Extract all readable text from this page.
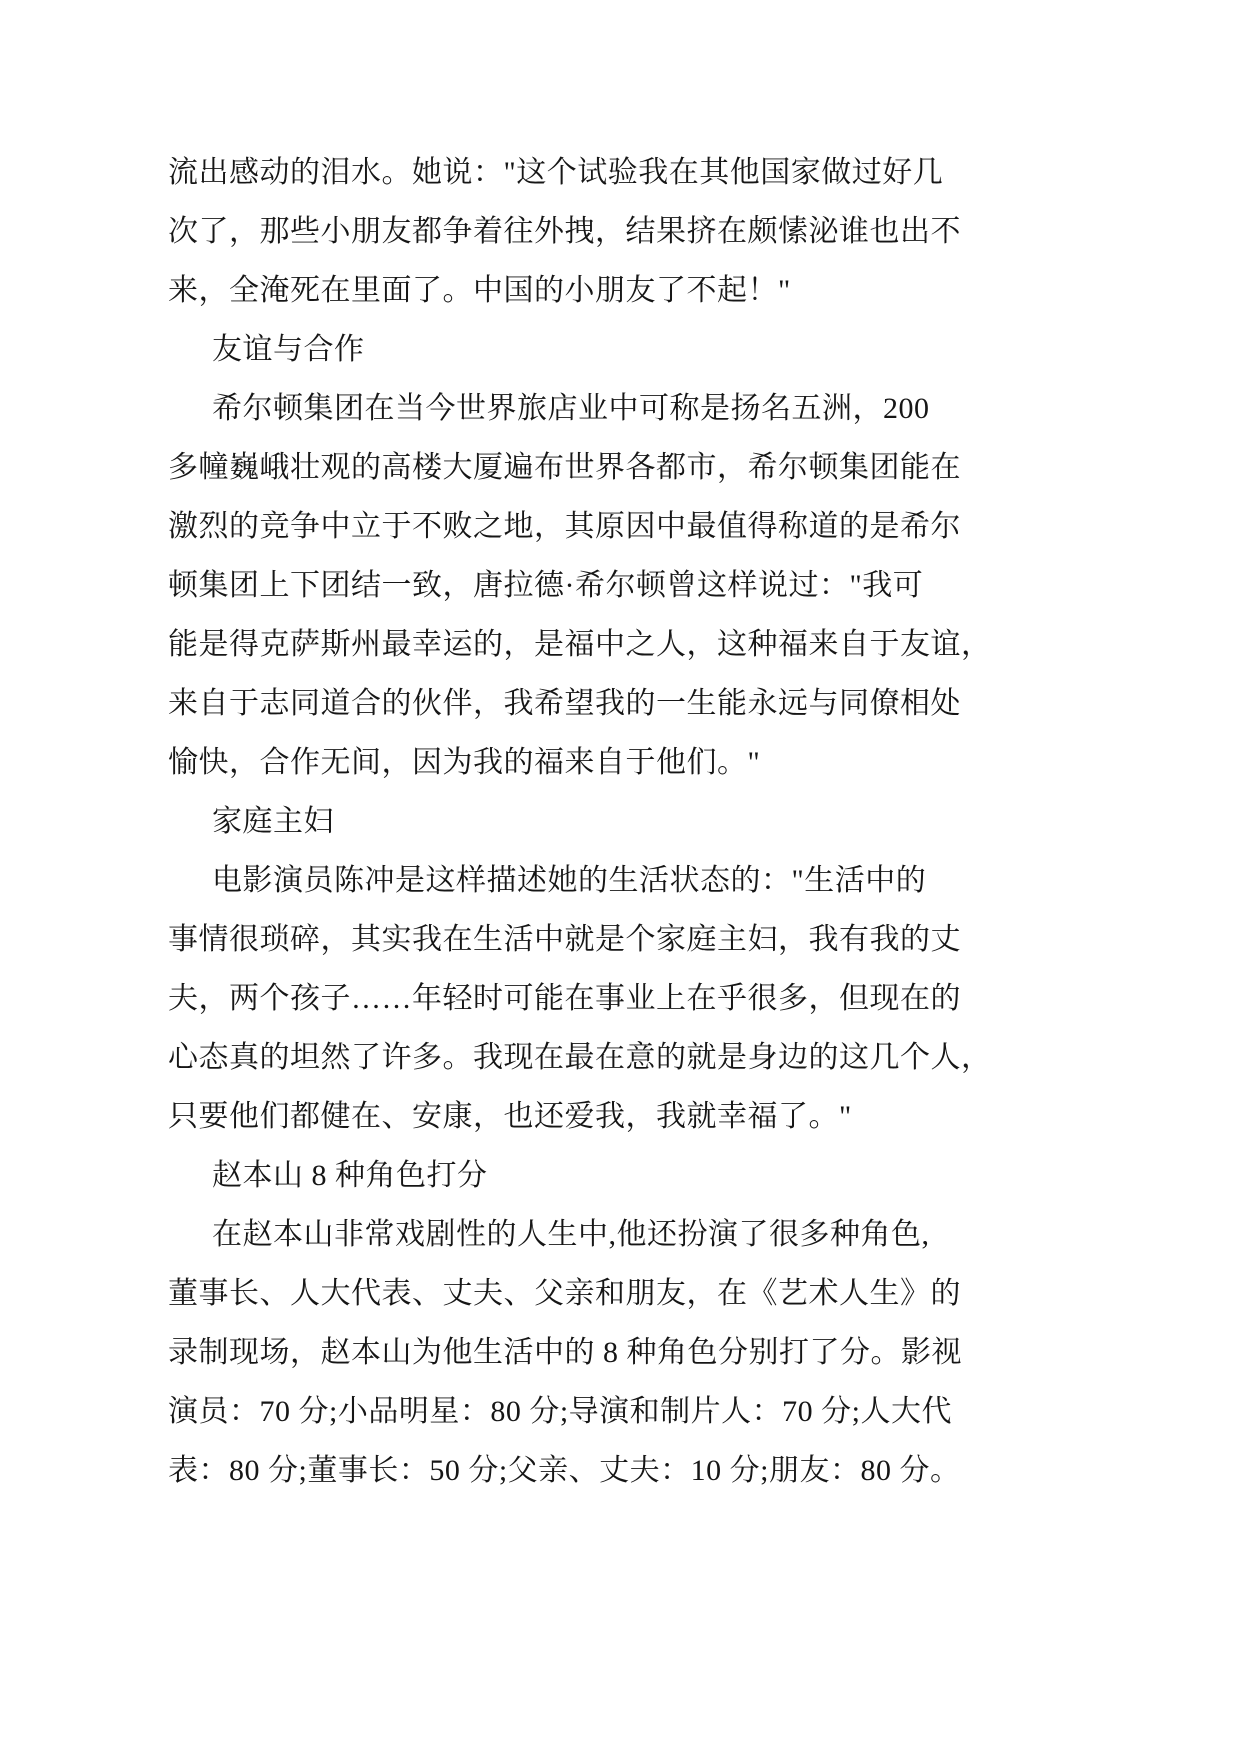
流出感动的泪水。她说："这个试验我在其他国家做过好几
次了，那些小朋友都争着往外拽，结果挤在颇愫泌谁也出不
来，全淹死在里面了。中国的小朋友了不起！"
友谊与合作
希尔顿集团在当今世界旅店业中可称是扬名五洲，200
多幢巍峨壮观的高楼大厦遍布世界各都市，希尔顿集团能在
激烈的竞争中立于不败之地，其原因中最值得称道的是希尔
顿集团上下团结一致，唐拉德·希尔顿曾这样说过："我可
能是得克萨斯州最幸运的，是福中之人，这种福来自于友谊，
来自于志同道合的伙伴，我希望我的一生能永远与同僚相处
愉快，合作无间，因为我的福来自于他们。"
家庭主妇
电影演员陈冲是这样描述她的生活状态的："生活中的
事情很琐碎，其实我在生活中就是个家庭主妇，我有我的丈
夫，两个孩子……年轻时可能在事业上在乎很多，但现在的
心态真的坦然了许多。我现在最在意的就是身边的这几个人，
只要他们都健在、安康，也还爱我，我就幸福了。"
赵本山 8 种角色打分
在赵本山非常戏剧性的人生中,他还扮演了很多种角色,
董事长、人大代表、丈夫、父亲和朋友，在《艺术人生》的
录制现场，赵本山为他生活中的 8 种角色分别打了分。影视
演员：70 分;小品明星：80 分;导演和制片人：70 分;人大代
表：80 分;董事长：50 分;父亲、丈夫：10 分;朋友：80 分。
